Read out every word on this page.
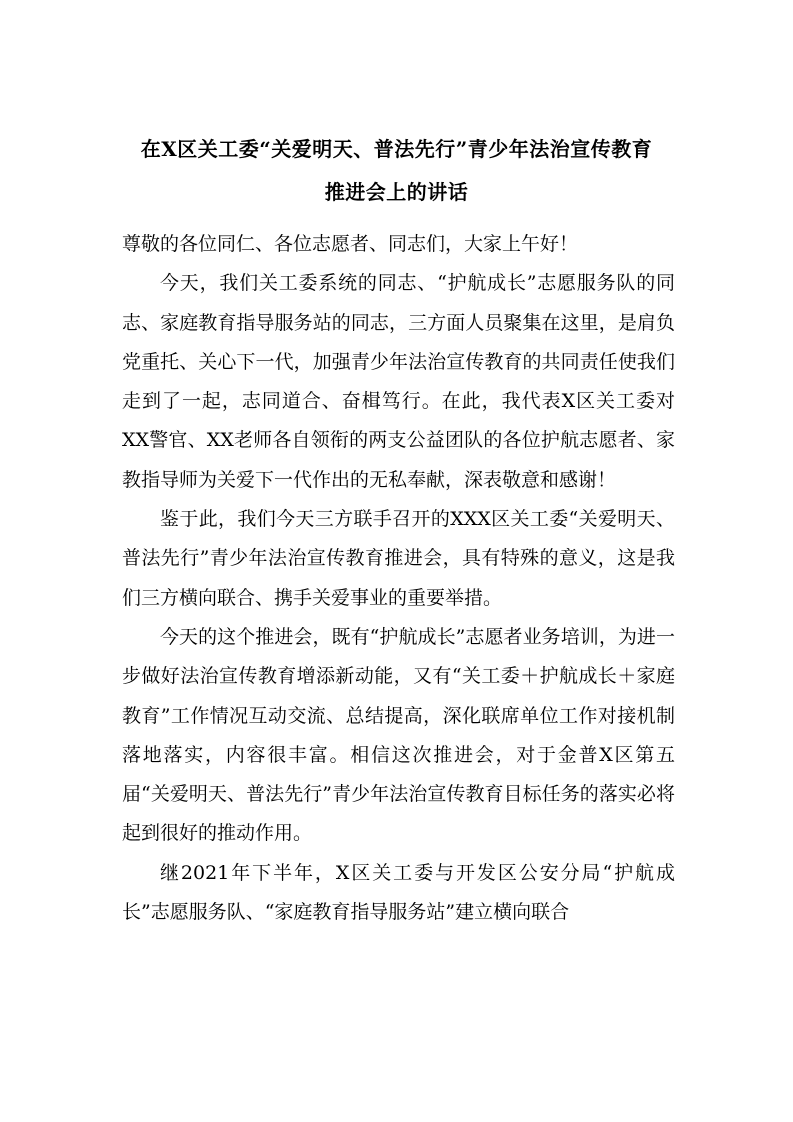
在X区关工委“关爱明天、普法先行”青少年法治宣传教育
推进会上的讲话

尊敬的各位同仁、各位志愿者、同志们，大家上午好！

今天，我们关工委系统的同志、“护航成长”志愿服务队的同志、家庭教育指导服务站的同志，三方面人员聚集在这里，是肩负党重托、关心下一代，加强青少年法治宣传教育的共同责任使我们走到了一起，志同道合、奋楫笃行。在此，我代表X区关工委对XX警官、XX老师各自领衔的两支公益团队的各位护航志愿者、家教指导师为关爱下一代作出的无私奉献，深表敬意和感谢！

鉴于此，我们今天三方联手召开的XXX区关工委“关爱明天、普法先行”青少年法治宣传教育推进会，具有特殊的意义，这是我们三方横向联合、携手关爱事业的重要举措。

今天的这个推进会，既有“护航成长”志愿者业务培训，为进一步做好法治宣传教育增添新动能，又有“关工委＋护航成长＋家庭教育”工作情况互动交流、总结提高，深化联席单位工作对接机制落地落实，内容很丰富。相信这次推进会，对于金普X区第五届“关爱明天、普法先行”青少年法治宣传教育目标任务的落实必将起到很好的推动作用。

继2021年下半年，X区关工委与开发区公安分局“护航成长”志愿服务队、“家庭教育指导服务站”建立横向联合
